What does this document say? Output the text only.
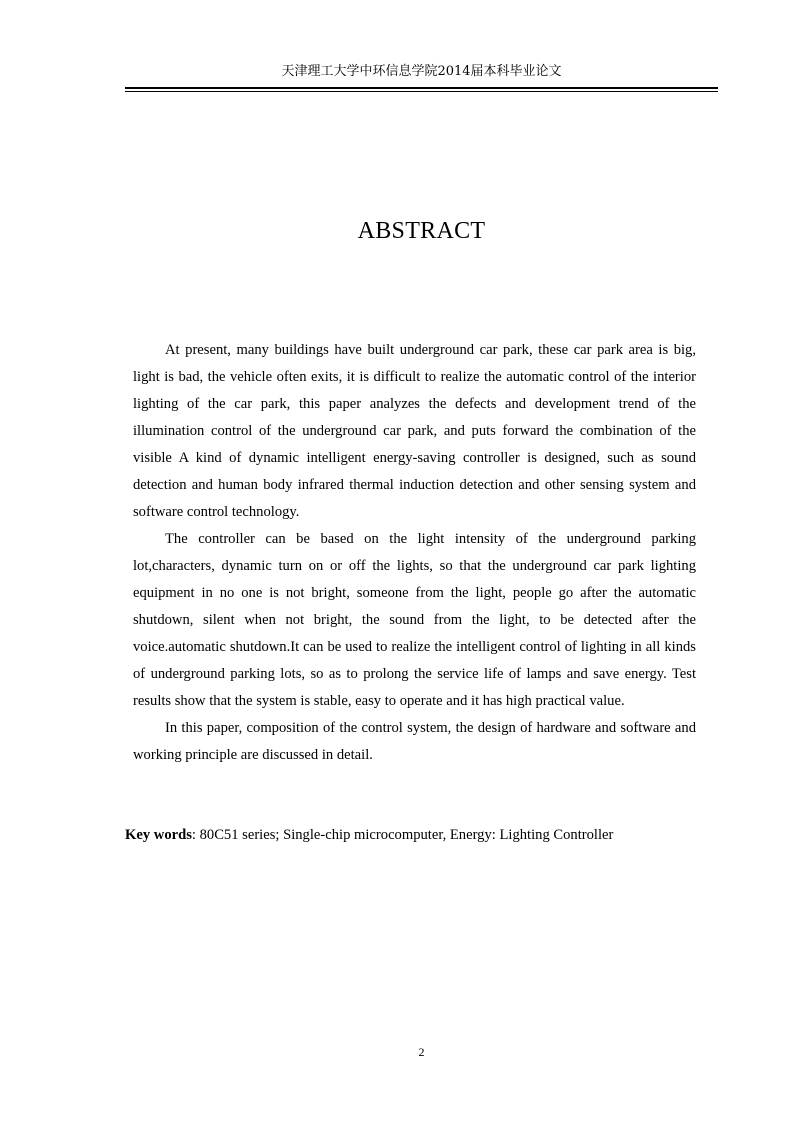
天津理工大学中环信息学院2014届本科毕业论文
ABSTRACT

At present, many buildings have built underground car park, these car park area is big, light is bad, the vehicle often exits, it is difficult to realize the automatic control of the interior lighting of the car park, this paper analyzes the defects and development trend of the illumination control of the underground car park, and puts forward the combination of the visible A kind of dynamic intelligent energy-saving controller is designed, such as sound detection and human body infrared thermal induction detection and other sensing system and software control technology.

The controller can be based on the light intensity of the underground parking lot,characters, dynamic turn on or off the lights, so that the underground car park lighting equipment in no one is not bright, someone from the light, people go after the automatic shutdown, silent when not bright, the sound from the light, to be detected after the voice.automatic shutdown.It can be used to realize the intelligent control of lighting in all kinds of underground parking lots, so as to prolong the service life of lamps and save energy. Test results show that the system is stable, easy to operate and it has high practical value.

In this paper, composition of the control system, the design of hardware and software and working principle are discussed in detail.

Key words: 80C51 series; Single-chip microcomputer, Energy: Lighting Controller
2
